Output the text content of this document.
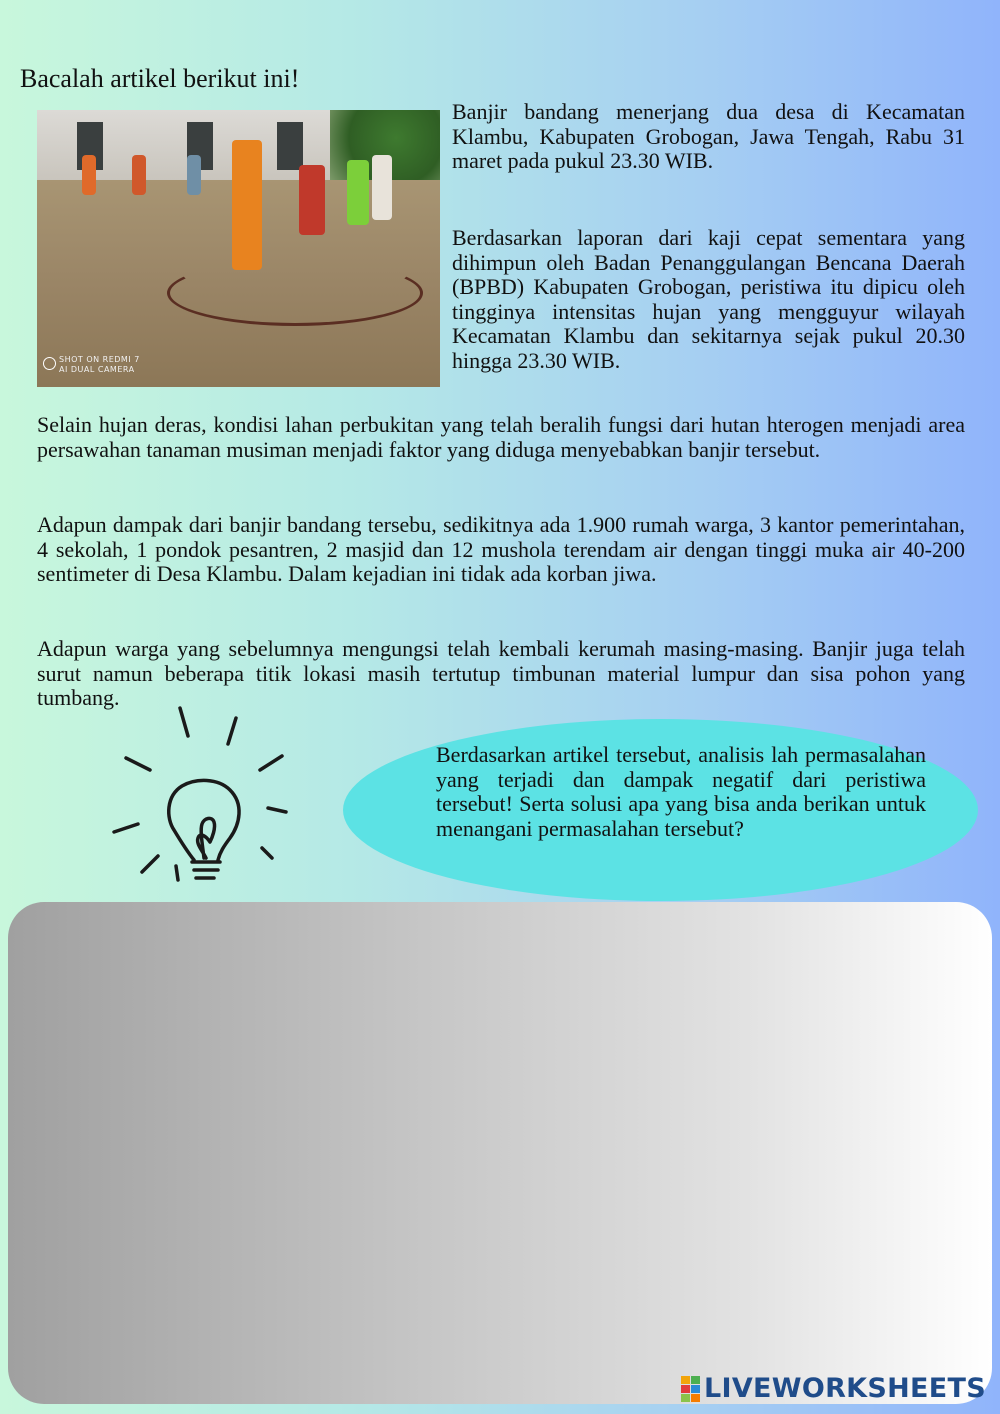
Bacalah artikel berikut ini!
SHOT ON REDMI 7
AI DUAL CAMERA

Banjir bandang menerjang dua desa di Kecamatan Klambu, Kabupaten Grobogan, Jawa Tengah, Rabu 31 maret pada pukul 23.30 WIB.

Berdasarkan laporan dari kaji cepat sementara yang dihimpun oleh Badan Penanggulangan Bencana Daerah (BPBD) Kabupaten Grobogan, peristiwa itu dipicu oleh tingginya intensitas hujan yang mengguyur wilayah Kecamatan Klambu dan sekitarnya sejak pukul 20.30 hingga 23.30 WIB.

Selain hujan deras, kondisi lahan perbukitan yang telah beralih fungsi dari hutan hterogen menjadi area persawahan tanaman musiman menjadi faktor yang diduga menyebabkan banjir tersebut.

Adapun dampak dari banjir bandang tersebu, sedikitnya ada 1.900 rumah warga, 3 kantor pemerintahan, 4 sekolah, 1 pondok pesantren, 2 masjid dan 12 mushola terendam air dengan tinggi muka air 40-200 sentimeter di Desa Klambu. Dalam kejadian ini tidak ada korban jiwa.

Adapun warga yang sebelumnya mengungsi telah kembali kerumah masing-masing. Banjir juga telah surut namun beberapa titik lokasi masih tertutup timbunan material lumpur dan sisa pohon yang tumbang.

Berdasarkan artikel tersebut, analisis lah permasalahan yang terjadi dan dampak negatif dari peristiwa tersebut! Serta solusi apa yang bisa anda berikan untuk menangani permasalahan tersebut?

LIVEWORKSHEETS
